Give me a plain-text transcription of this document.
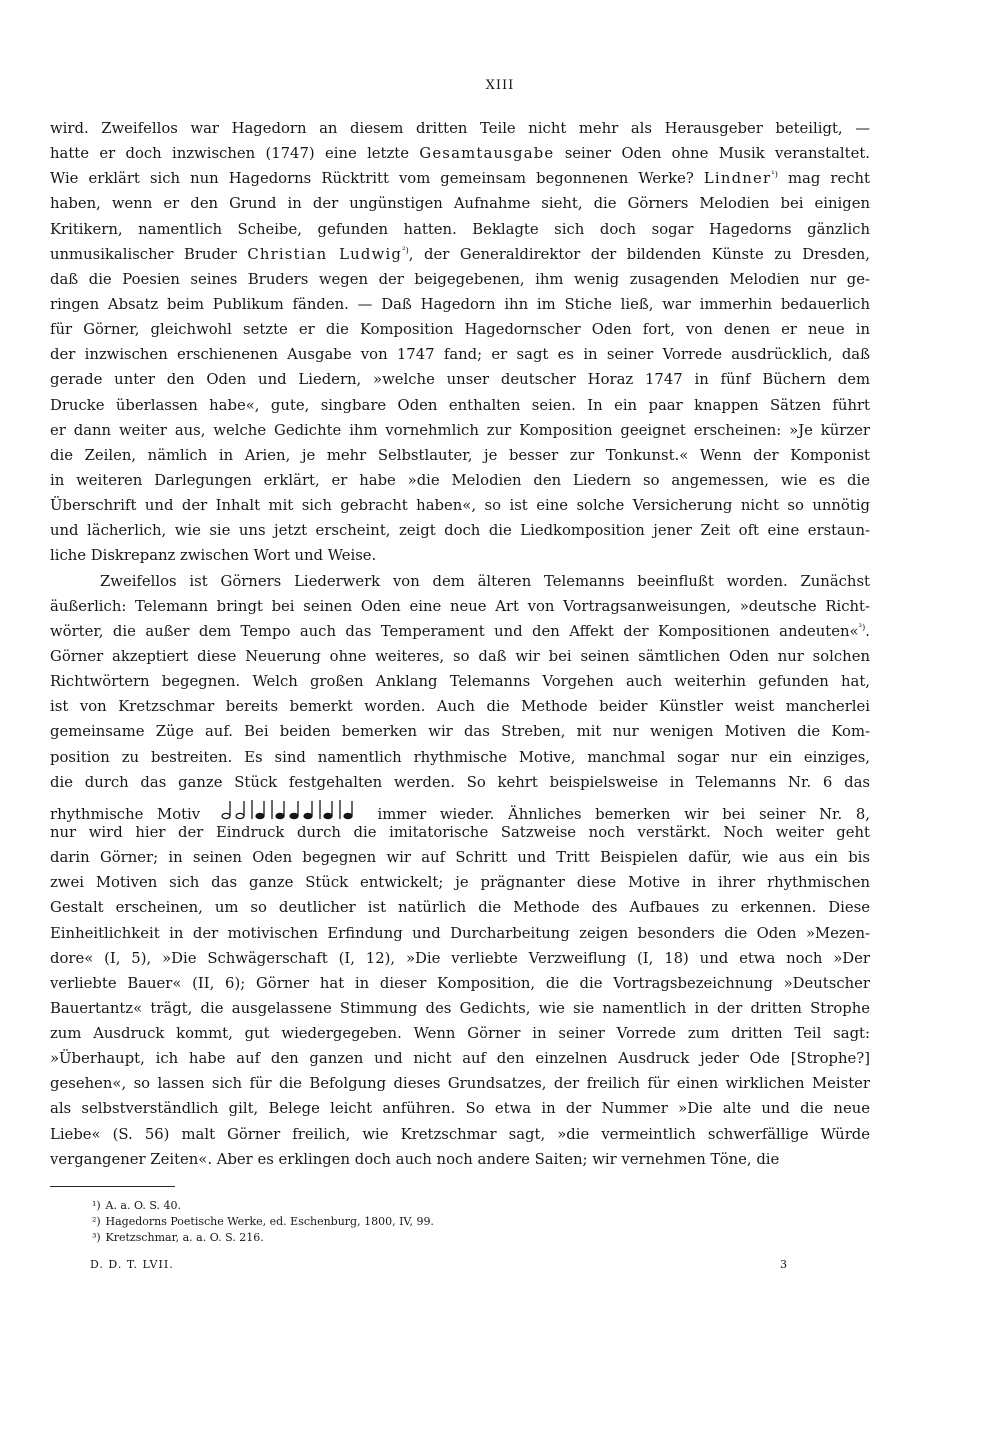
XIII
wird. Zweifellos war Hagedorn an diesem dritten Teile nicht mehr als Herausgeber beteiligt, —
hatte er doch inzwischen (1747) eine letzte Gesamtausgabe seiner Oden ohne Musik veranstaltet.
Wie erklärt sich nun Hagedorns Rücktritt vom gemeinsam begonnenen Werke? Lindner$^{^1)}$ mag recht
haben, wenn er den Grund in der ungünstigen Aufnahme sieht, die Görners Melodien bei einigen
Kritikern, namentlich Scheibe, gefunden hatten. Beklagte sich doch sogar Hagedorns gänzlich
unmusikalischer Bruder Christian Ludwig$^{^2)}$, der Generaldirektor der bildenden Künste zu Dresden,
daß die Poesien seines Bruders wegen der beigegebenen, ihm wenig zusagenden Melodien nur ge-
ringen Absatz beim Publikum fänden. — Daß Hagedorn ihn im Stiche ließ, war immerhin bedauerlich
für Görner, gleichwohl setzte er die Komposition Hagedornscher Oden fort, von denen er neue in
der inzwischen erschienenen Ausgabe von 1747 fand; er sagt es in seiner Vorrede ausdrücklich, daß
gerade unter den Oden und Liedern, »welche unser deutscher Horaz 1747 in fünf Büchern dem
Drucke überlassen habe«, gute, singbare Oden enthalten seien. In ein paar knappen Sätzen führt
er dann weiter aus, welche Gedichte ihm vornehmlich zur Komposition geeignet erscheinen: »Je kürzer
die Zeilen, nämlich in Arien, je mehr Selbstlauter, je besser zur Tonkunst.« Wenn der Komponist
in weiteren Darlegungen erklärt, er habe »die Melodien den Liedern so angemessen, wie es die
Überschrift und der Inhalt mit sich gebracht haben«, so ist eine solche Versicherung nicht so unnötig
und lächerlich, wie sie uns jetzt erscheint, zeigt doch die Liedkomposition jener Zeit oft eine erstaun-
liche Diskrepanz zwischen Wort und Weise.
Zweifellos ist Görners Liederwerk von dem älteren Telemanns beeinflußt worden. Zunächst
äußerlich: Telemann bringt bei seinen Oden eine neue Art von Vortragsanweisungen, »deutsche Richt-
wörter, die außer dem Tempo auch das Temperament und den Affekt der Kompositionen andeuten«$^{^3)}$.
Görner akzeptiert diese Neuerung ohne weiteres, so daß wir bei seinen sämtlichen Oden nur solchen
Richtwörtern begegnen. Welch großen Anklang Telemanns Vorgehen auch weiterhin gefunden hat,
ist von Kretzschmar bereits bemerkt worden. Auch die Methode beider Künstler weist mancherlei
gemeinsame Züge auf. Bei beiden bemerken wir das Streben, mit nur wenigen Motiven die Kom-
position zu bestreiten. Es sind namentlich rhythmische Motive, manchmal sogar nur ein einziges,
die durch das ganze Stück festgehalten werden. So kehrt beispielsweise in Telemanns Nr. 6 das
rhythmische Motiv	immer wieder. Ähnliches bemerken wir bei seiner Nr. 8,
nur wird hier der Eindruck durch die imitatorische Satzweise noch verstärkt. Noch weiter geht
darin Görner; in seinen Oden begegnen wir auf Schritt und Tritt Beispielen dafür, wie aus ein bis
zwei Motiven sich das ganze Stück entwickelt; je prägnanter diese Motive in ihrer rhythmischen
Gestalt erscheinen, um so deutlicher ist natürlich die Methode des Aufbaues zu erkennen. Diese
Einheitlichkeit in der motivischen Erfindung und Durcharbeitung zeigen besonders die Oden »Mezen-
dore« (I, 5), »Die Schwägerschaft (I, 12), »Die verliebte Verzweiflung (I, 18) und etwa noch »Der
verliebte Bauer« (II, 6); Görner hat in dieser Komposition, die die Vortragsbezeichnung »Deutscher
Bauertantz« trägt, die ausgelassene Stimmung des Gedichts, wie sie namentlich in der dritten Strophe
zum Ausdruck kommt, gut wiedergegeben. Wenn Görner in seiner Vorrede zum dritten Teil sagt:
»Überhaupt, ich habe auf den ganzen und nicht auf den einzelnen Ausdruck jeder Ode [Strophe?]
gesehen«, so lassen sich für die Befolgung dieses Grundsatzes, der freilich für einen wirklichen Meister
als selbstverständlich gilt, Belege leicht anführen. So etwa in der Nummer »Die alte und die neue
Liebe« (S. 56) malt Görner freilich, wie Kretzschmar sagt, »die vermeintlich schwerfällige Würde
vergangener Zeiten«. Aber es erklingen doch auch noch andere Saiten; wir vernehmen Töne, die
¹) A. a. O. S. 40.
²) Hagedorns Poetische Werke, ed. Eschenburg, 1800, IV, 99.
³) Kretzschmar, a. a. O. S. 216.
D. D. T. LVII.	3
